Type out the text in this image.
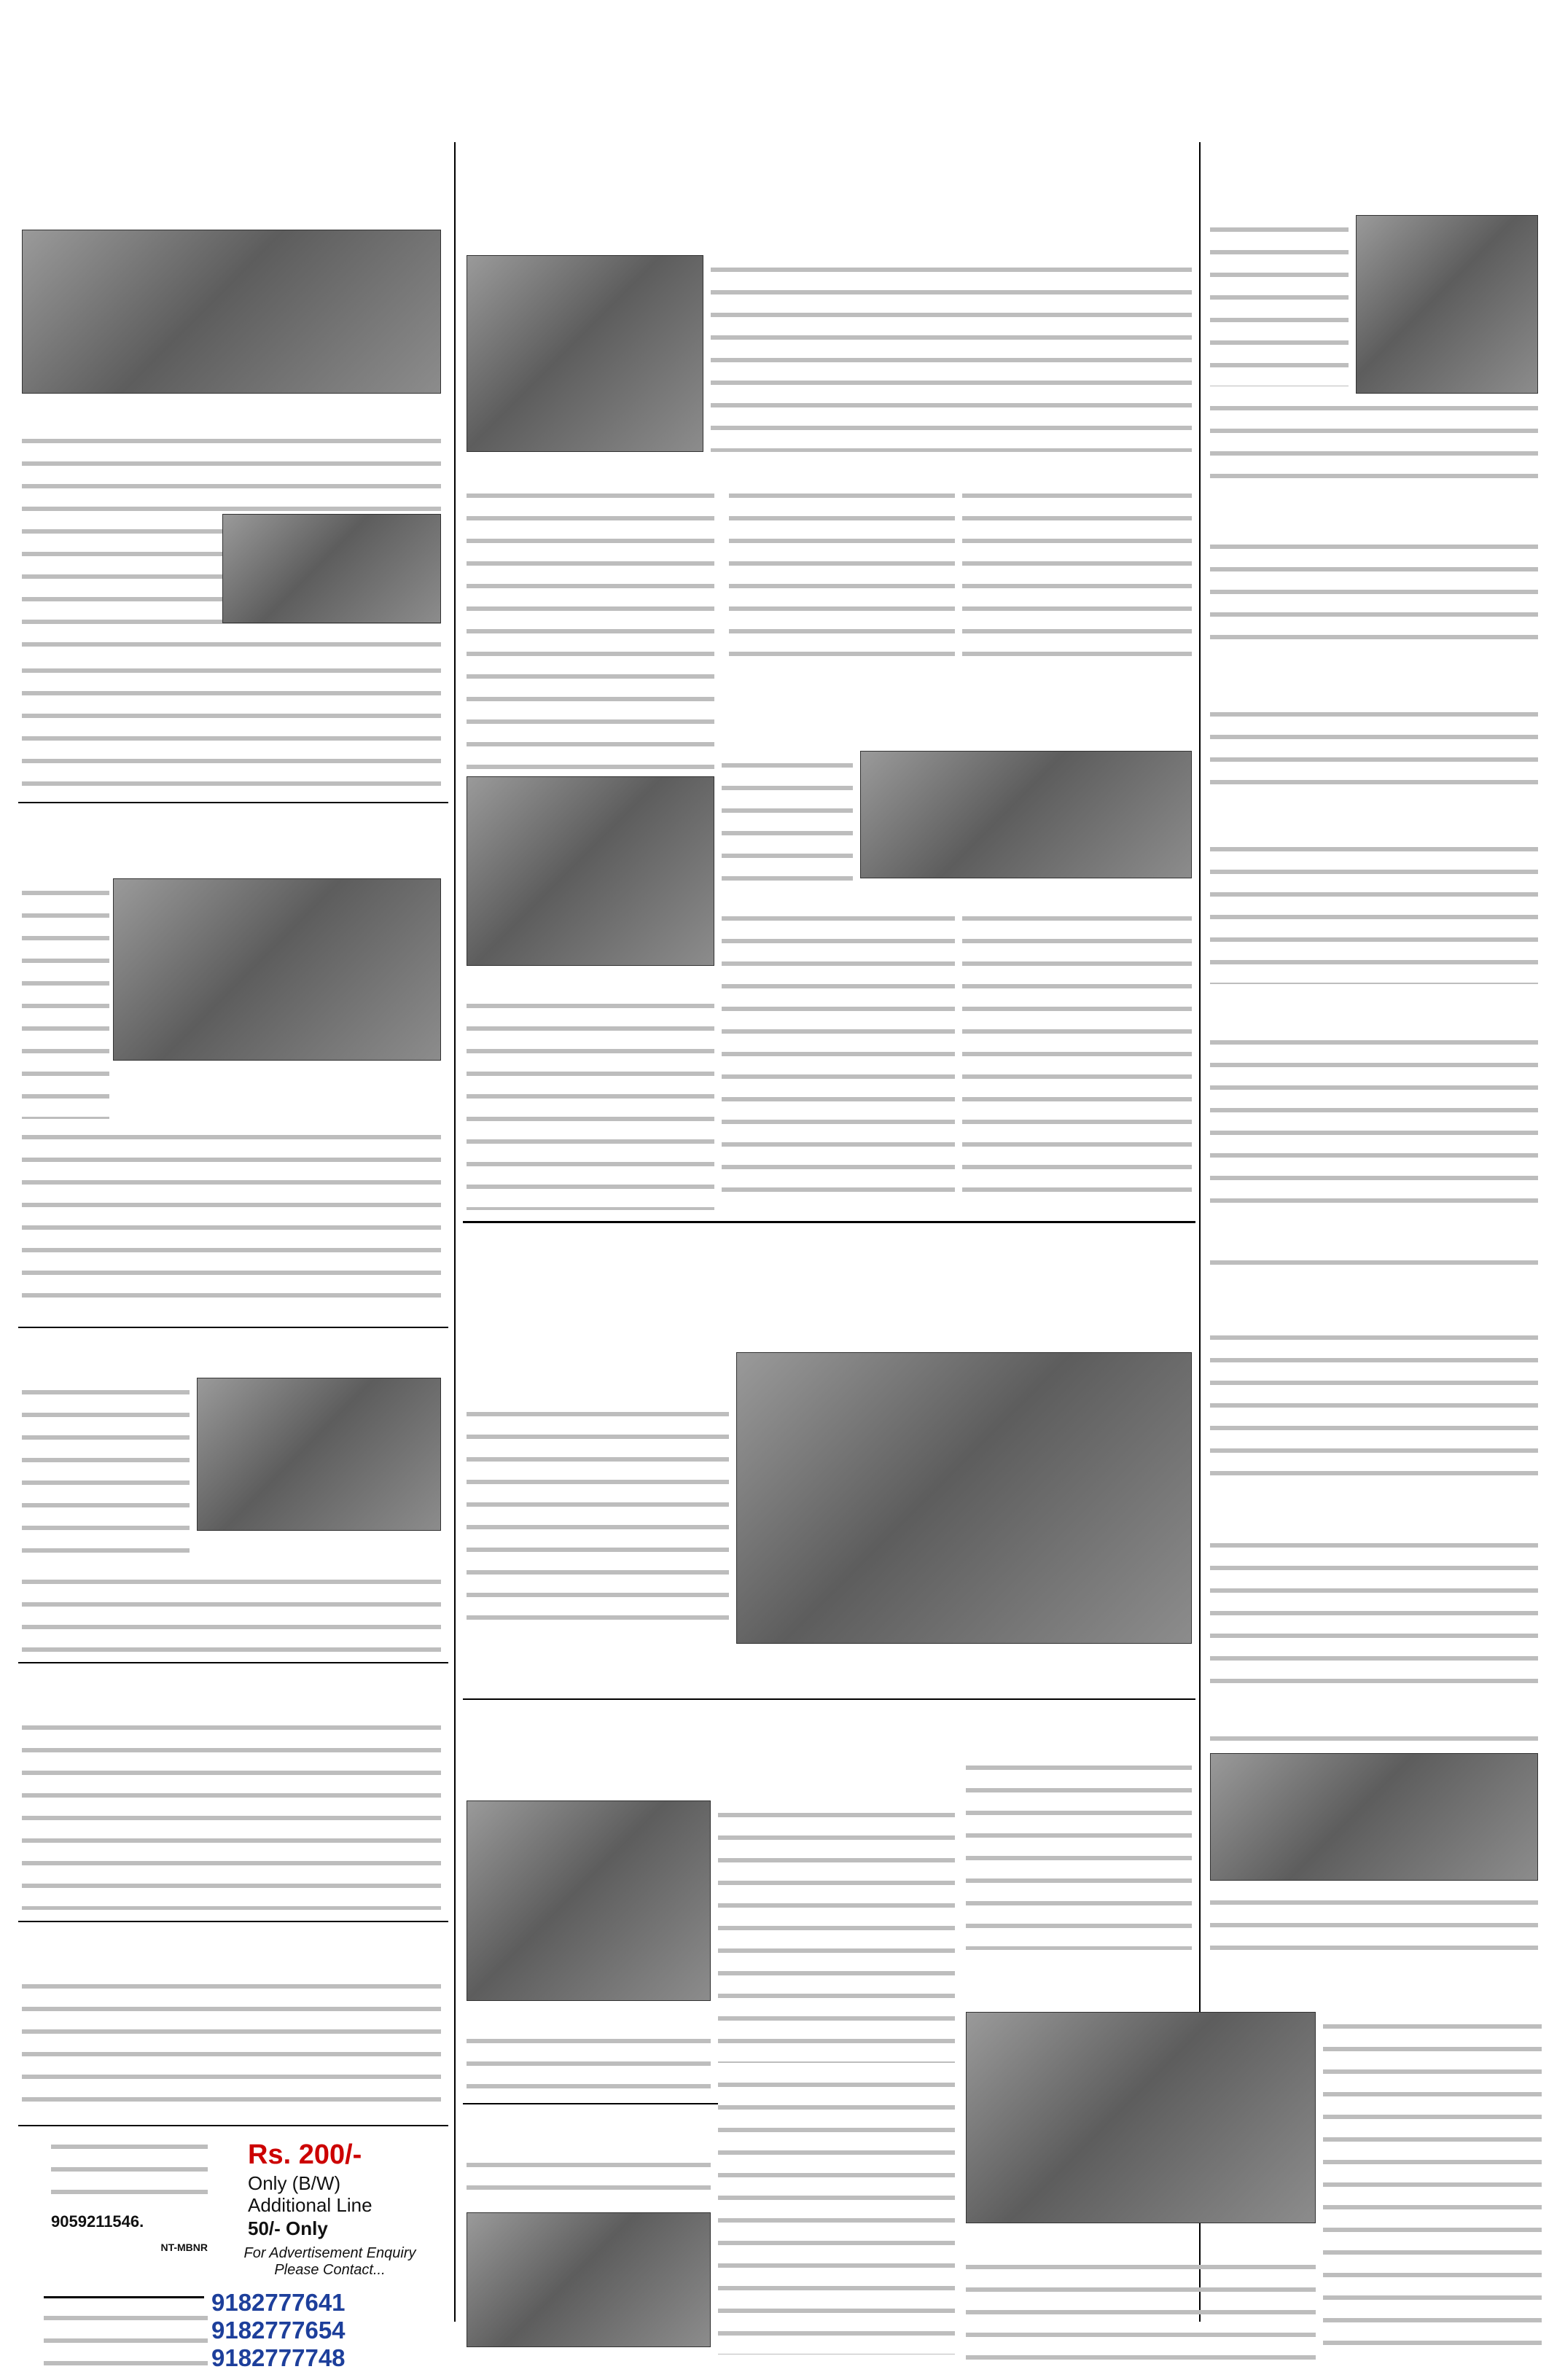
9059211546.
NT-MBNR
Rs. 200/-
Only (B/W)
Additional Line
50/- Only
For Advertisement Enquiry
Please Contact...
9182777641
9182777654
9182777748
